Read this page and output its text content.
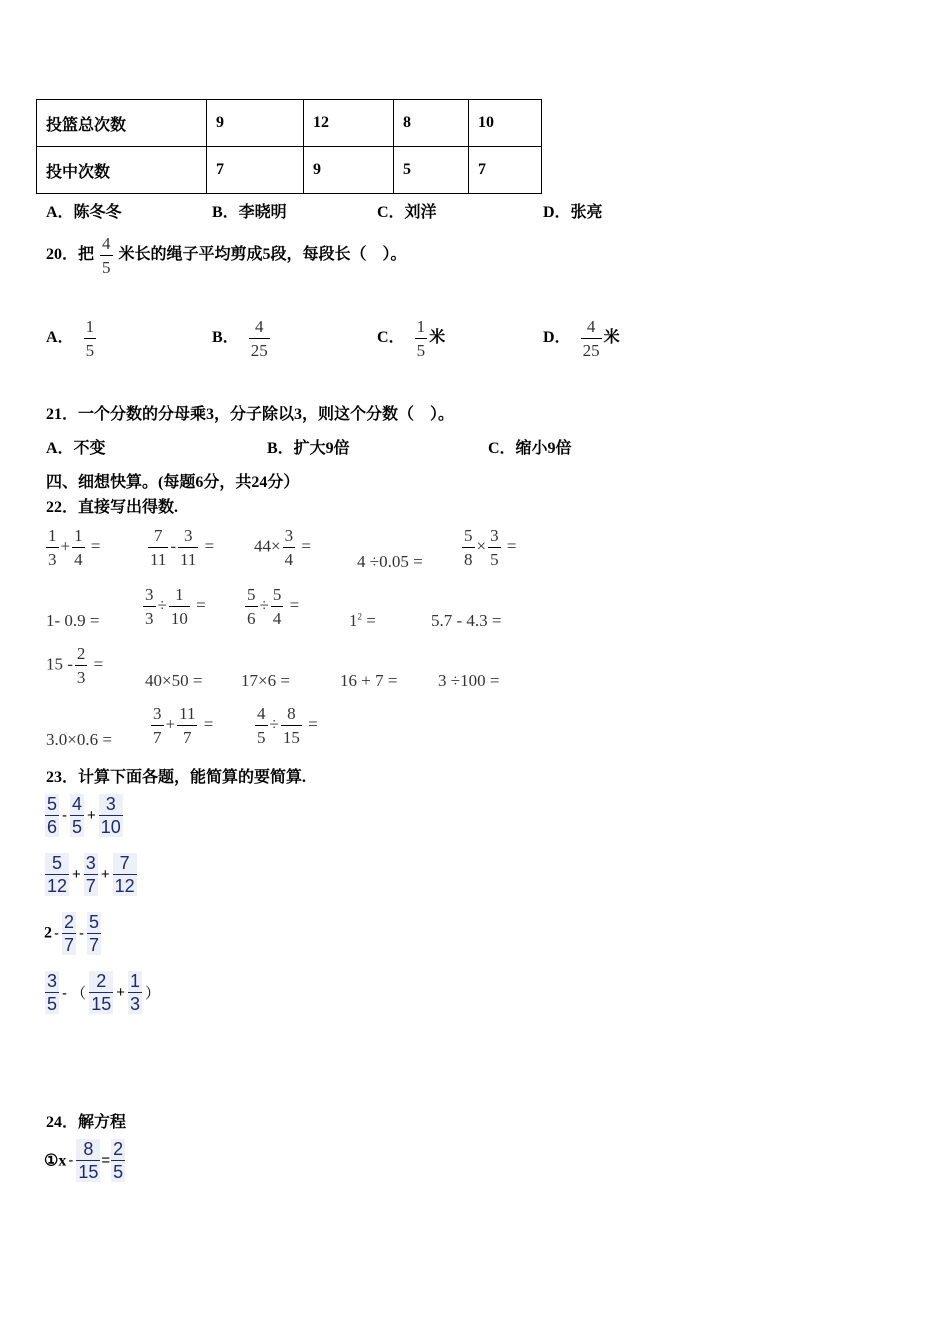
投篮总次数	9	12	8	10
投中次数	7	9	5	7
A．陈冬冬	B．李晓明	C．刘洋	D．张亮
20．把 $\frac{4}{5}$ 米长的绳子平均剪成5段，每段长（　）。
A． $\frac{1}{5}$	B． $\frac{4}{25}$	C． $\frac{1}{5}$ 米	D． $\frac{4}{25}$ 米
21．一个分数的分母乘3，分子除以3，则这个分数（　）。
A．不变	B．扩大9倍	C．缩小9倍
四、细想快算。(每题6分，共24分）
22．直接写出得数.
$\frac{1}{3} + \frac{1}{4}$ =	$\frac{7}{11} - \frac{3}{11} = 44\times \frac{3}{4}$ =
$4 \div 0.05 = \frac{5}{8} \times \frac{3}{5}$ =
1- 0.9 =	$\frac{3}{3} \div \frac{1}{10} = \frac{5}{6} \div \frac{5}{4}$ =
$1^2$ =	5.7 - 4.3 =
$15 - \frac{2}{3}$ =
40×50 = 17×6 =	16 + 7 = 3 ÷100 =
$3.0\times 0.6 = \frac{3}{7} + \frac{11}{7} = \frac{4}{5} \div \frac{8}{15}$ =
23．计算下面各题，能简算的要简算.
$\frac{5}{6} - \frac{4}{5} + \frac{3}{10}$
$\frac{5}{12} + \frac{3}{7} + \frac{7}{12}$
$2 - \frac{2}{7} - \frac{5}{7}$
$\frac{3}{5}$ - （ $\frac{2}{15} + \frac{1}{3}$ ）
24．解方程
①x - $\frac{8}{15} = \frac{2}{5}$
